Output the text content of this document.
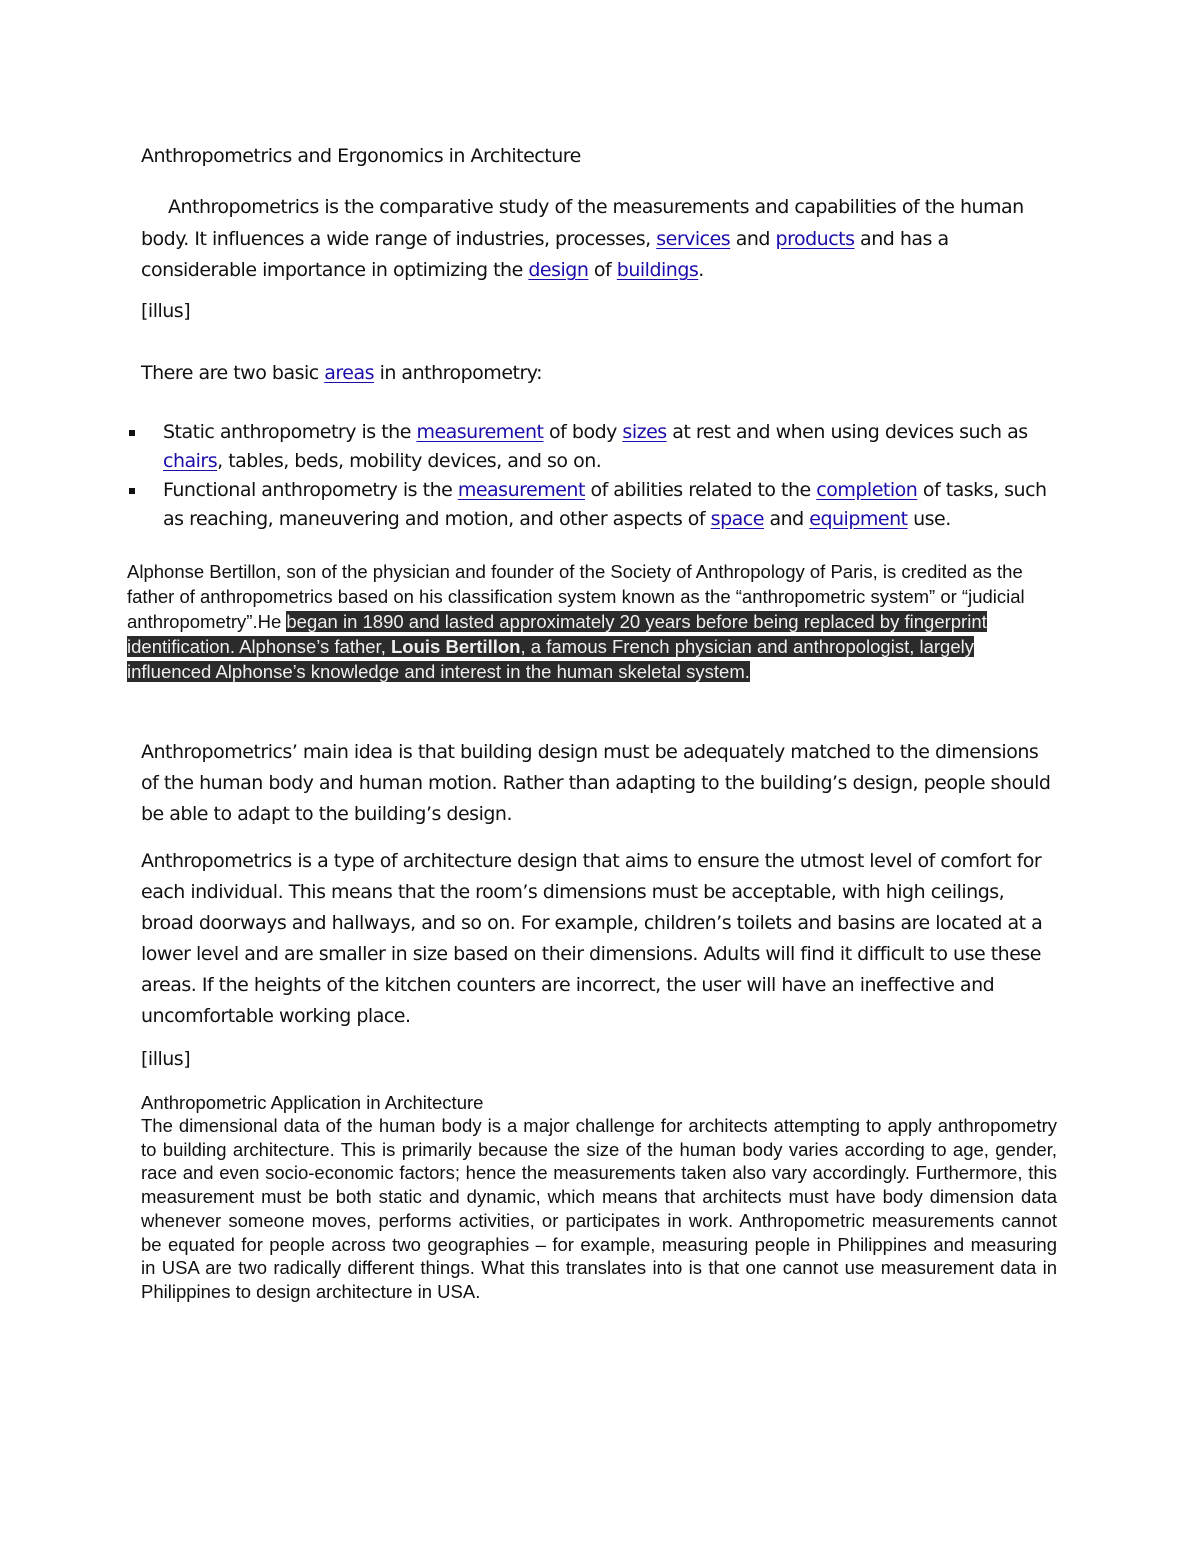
Anthropometrics and Ergonomics in Architecture

Anthropometrics is the comparative study of the measurements and capabilities of the human body. It influences a wide range of industries, processes, services and products and has a considerable importance in optimizing the design of buildings.

[illus]

There are two basic areas in anthropometry:

Static anthropometry is the measurement of body sizes at rest and when using devices such as chairs, tables, beds, mobility devices, and so on.
Functional anthropometry is the measurement of abilities related to the completion of tasks, such as reaching, maneuvering and motion, and other aspects of space and equipment use.

Alphonse Bertillon, son of the physician and founder of the Society of Anthropology of Paris, is credited as the father of anthropometrics based on his classification system known as the “anthropometric system” or “judicial anthropometry”.He began in 1890 and lasted approximately 20 years before being replaced by fingerprint identification. Alphonse’s father, Louis Bertillon, a famous French physician and anthropologist, largely influenced Alphonse’s knowledge and interest in the human skeletal system.

Anthropometrics’ main idea is that building design must be adequately matched to the dimensions of the human body and human motion. Rather than adapting to the building’s design, people should be able to adapt to the building’s design.

Anthropometrics is a type of architecture design that aims to ensure the utmost level of comfort for each individual. This means that the room’s dimensions must be acceptable, with high ceilings, broad doorways and hallways, and so on. For example, children’s toilets and basins are located at a lower level and are smaller in size based on their dimensions. Adults will find it difficult to use these areas. If the heights of the kitchen counters are incorrect, the user will have an ineffective and uncomfortable working place.

[illus]

Anthropometric Application in Architecture

The dimensional data of the human body is a major challenge for architects attempting to apply anthropometry to building architecture. This is primarily because the size of the human body varies according to age, gender, race and even socio-economic factors; hence the measurements taken also vary accordingly. Furthermore, this measurement must be both static and dynamic, which means that architects must have body dimension data whenever someone moves, performs activities, or participates in work. Anthropometric measurements cannot be equated for people across two geographies – for example, measuring people in Philippines and measuring in USA are two radically different things. What this translates into is that one cannot use measurement data in Philippines to design architecture in USA.
